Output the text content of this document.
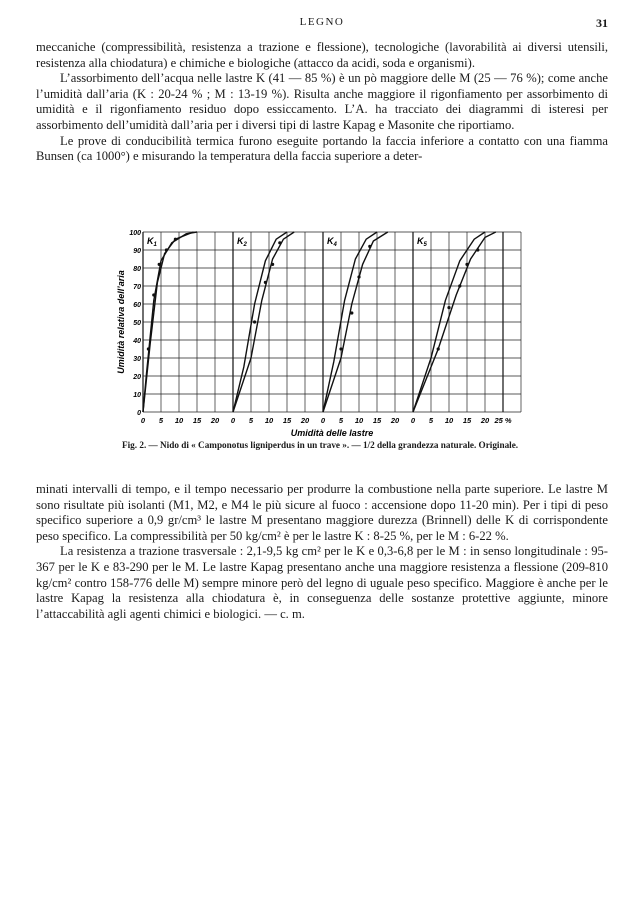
LEGNO	31

meccaniche (compressibilità, resistenza a trazione e flessione), tecnologiche (lavorabilità ai diversi utensili, resistenza alla chiodatura) e chimiche e biologiche (attacco da acidi, soda e organismi).

L’assorbimento dell’acqua nelle lastre K (41 — 85 %) è un pò maggiore delle M (25 — 76 %); come anche l’umidità dall’aria (K : 20-24 % ; M : 13-19 %). Risulta anche maggiore il rigonfiamento per assorbimento di umidità e il rigonfiamento residuo dopo essiccamento. L’A. ha tracciato dei diagrammi di isteresi per assorbimento dell’umidità dall’aria per i diversi tipi di lastre Kapag e Masonite che riportiamo.

Le prove di conducibilità termica furono eseguite portando la faccia inferiore a contatto con una fiamma Bunsen (ca 1000°) e misurando la temperatura della faccia superiore a deter-

100
90
80
70
60
50
40
30
20
10
0
Umidità relativa dell’aria
$K_1$
0 5 10 15 20
$K_2$
0 5 10 15 20
$K_4$
0 5 10 15 20
$K_5$
0 5 10 15 20 25 %
Umidità delle lastre
Fig. 2. — Nido di « Camponotus ligniperdus in un trave ». — 1/2 della grandezza naturale. Originale.

minati intervalli di tempo, e il tempo necessario per produrre la combustione nella parte superiore. Le lastre M sono risultate più isolanti (M1, M2, e M4 le più sicure al fuoco : accensione dopo 11-20 min). Per i tipi di peso specifico superiore a 0,9 gr/cm³ le lastre M presentano maggiore durezza (Brinnell) delle K di corrispondente peso specifico. La compressibilità per 50 kg/cm² è per le lastre K : 8-25 %, per le M : 6-22 %.

La resistenza a trazione trasversale : 2,1-9,5 kg cm² per le K e 0,3-6,8 per le M : in senso longitudinale : 95-367 per le K e 83-290 per le M. Le lastre Kapag presentano anche una maggiore resistenza a flessione (209-810 kg/cm² contro 158-776 delle M) sempre minore però del legno di uguale peso specifico. Maggiore è anche per le lastre Kapag la resistenza alla chiodatura è, in conseguenza delle sostanze protettive aggiunte, minore l’attaccabilità agli agenti chimici e biologici. — c. m.
